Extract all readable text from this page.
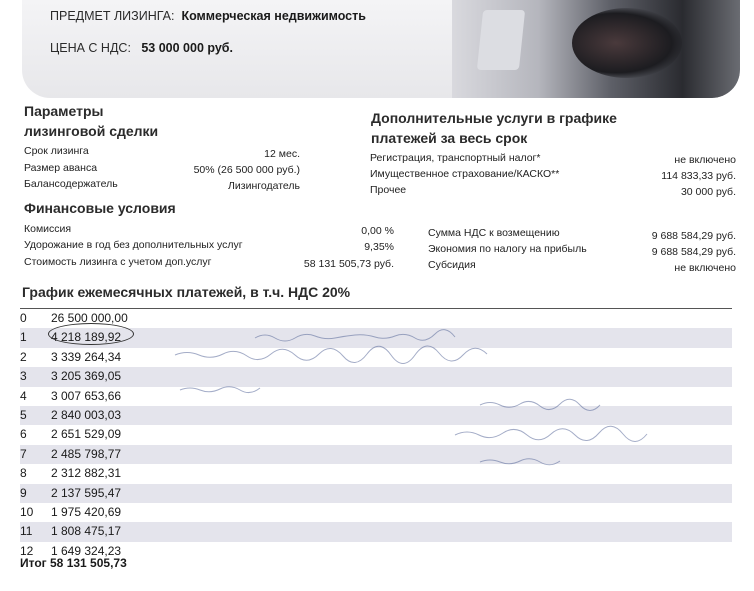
ПРЕДМЕТ ЛИЗИНГА: Коммерческая недвижимость
ЦЕНА С НДС: 53 000 000 руб.
Параметры
лизинговой сделки
Срок лизинга	12 мес.
Размер аванса	50% (26 500 000 руб.)
Балансодержатель	Лизингодатель
Дополнительные услуги в графике
платежей за весь срок
Регистрация, транспортный налог*	не включено
Имущественное страхование/КАСКО**	114 833,33 руб.
Прочее	30 000 руб.
Финансовые условия
Комиссия	0,00 %
Удорожание в год без дополнительных услуг	9,35%
Стоимость лизинга с учетом доп.услуг	58 131 505,73 руб.
Сумма НДС к возмещению	9 688 584,29 руб.
Экономия по налогу на прибыль	9 688 584,29 руб.
Субсидия	не включено
График ежемесячных платежей, в т.ч. НДС 20%
0	26 500 000,00
1	4 218 189,92
2	3 339 264,34
3	3 205 369,05
4	3 007 653,66
5	2 840 003,03
6	2 651 529,09
7	2 485 798,77
8	2 312 882,31
9	2 137 595,47
10	1 975 420,69
11	1 808 475,17
12	1 649 324,23
Итог 58 131 505,73
